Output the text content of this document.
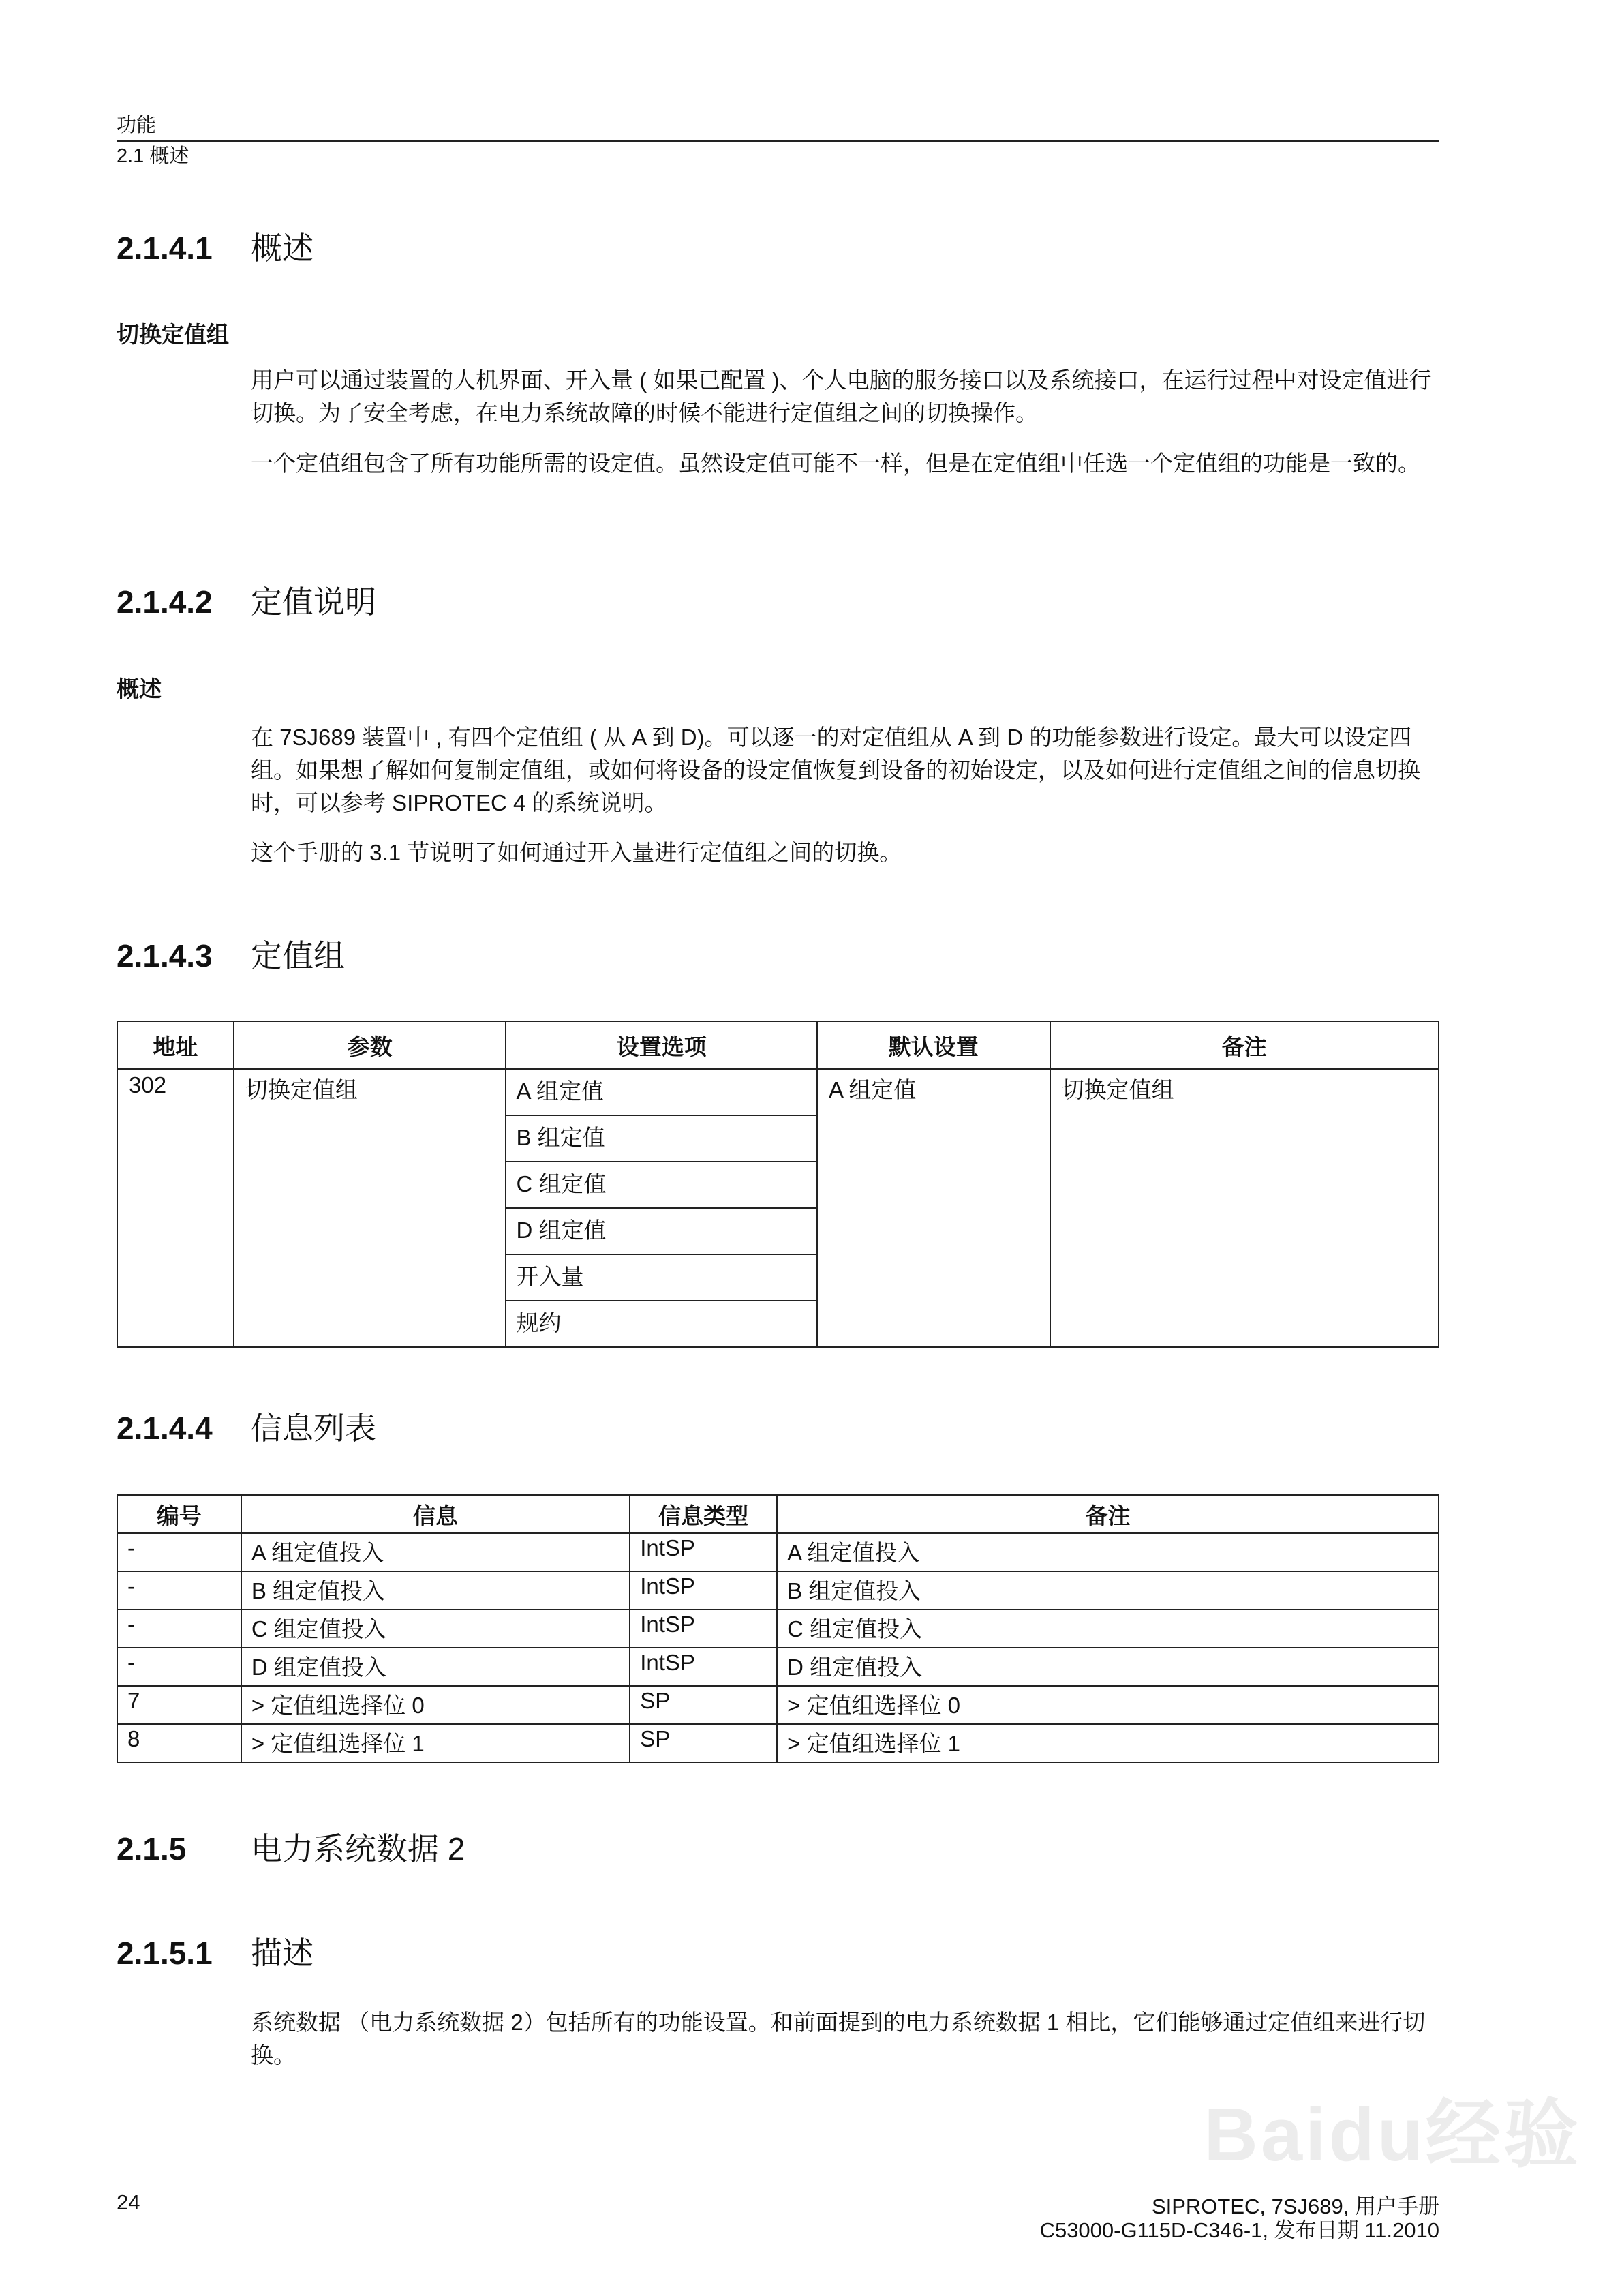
Baidu经验
功能
2.1 概述
2.1.4.1 概述
切换定值组
用户可以通过装置的人机界面、开入量 ( 如果已配置 )、个人电脑的服务接口以及系统接口，在运行过程中对设定值进行切换。为了安全考虑，在电力系统故障的时候不能进行定值组之间的切换操作。
一个定值组包含了所有功能所需的设定值。虽然设定值可能不一样，但是在定值组中任选一个定值组的功能是一致的。
2.1.4.2 定值说明
概述
在 7SJ689 装置中 , 有四个定值组 ( 从 A 到 D)。可以逐一的对定值组从 A 到 D 的功能参数进行设定。最大可以设定四组。如果想了解如何复制定值组，或如何将设备的设定值恢复到设备的初始设定，以及如何进行定值组之间的信息切换时，可以参考 SIPROTEC 4 的系统说明。
这个手册的 3.1 节说明了如何通过开入量进行定值组之间的切换。
2.1.4.3 定值组
地址	参数	设置选项	默认设置	备注
302	切换定值组	A 组定值	A 组定值	切换定值组
		B 组定值		
		C 组定值		
		D 组定值		
		开入量		
		规约		
2.1.4.4 信息列表
编号	信息	信息类型	备注
-	A 组定值投入	IntSP	A 组定值投入
-	B 组定值投入	IntSP	B 组定值投入
-	C 组定值投入	IntSP	C 组定值投入
-	D 组定值投入	IntSP	D 组定值投入
7	> 定值组选择位 0	SP	> 定值组选择位 0
8	> 定值组选择位 1	SP	> 定值组选择位 1
2.1.5 电力系统数据 2
2.1.5.1 描述
系统数据 （电力系统数据 2）包括所有的功能设置。和前面提到的电力系统数据 1 相比，它们能够通过定值组来进行切换。
24	SIPROTEC, 7SJ689, 用户手册
C53000-G115D-C346-1, 发布日期 11.2010
